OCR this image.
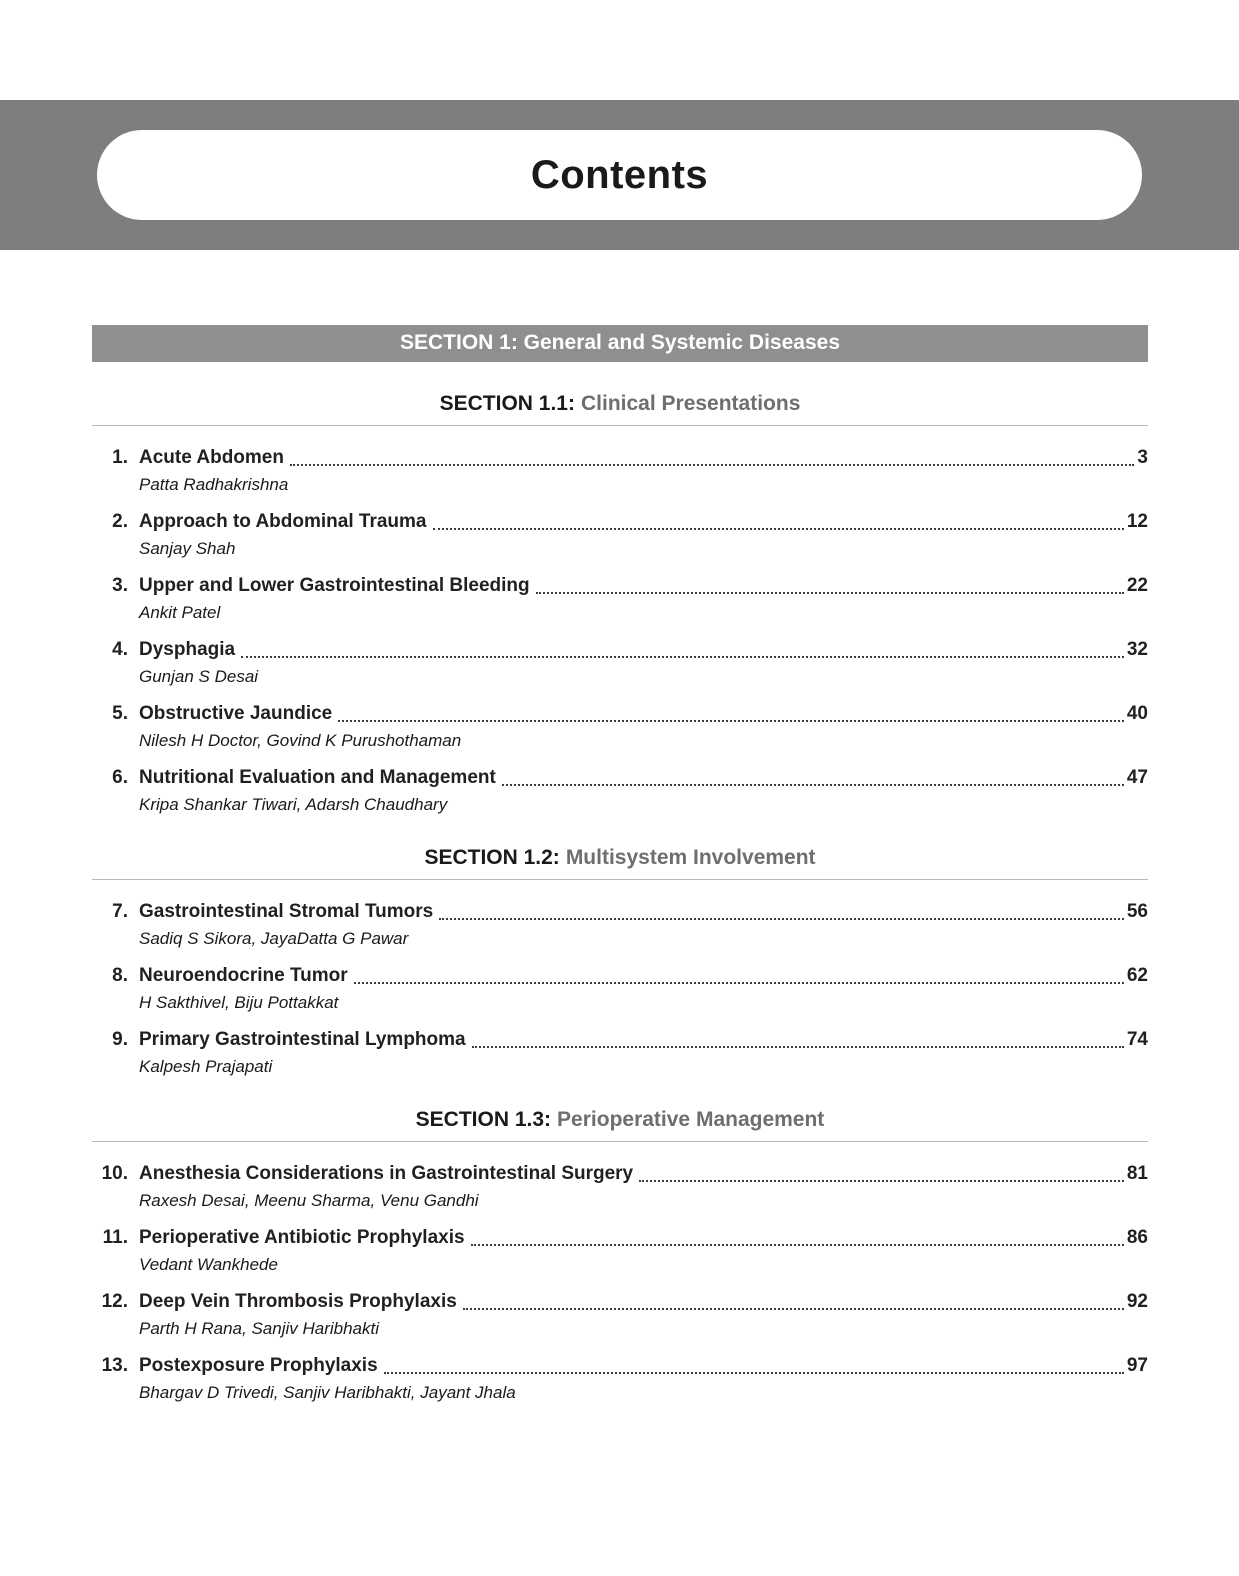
Contents
SECTION 1: General and Systemic Diseases
SECTION 1.1: Clinical Presentations
1. Acute Abdomen	3
Patta Radhakrishna
2. Approach to Abdominal Trauma	12
Sanjay Shah
3. Upper and Lower Gastrointestinal Bleeding	22
Ankit Patel
4. Dysphagia	32
Gunjan S Desai
5. Obstructive Jaundice	40
Nilesh H Doctor, Govind K Purushothaman
6. Nutritional Evaluation and Management	47
Kripa Shankar Tiwari, Adarsh Chaudhary
SECTION 1.2: Multisystem Involvement
7. Gastrointestinal Stromal Tumors	56
Sadiq S Sikora, JayaDatta G Pawar
8. Neuroendocrine Tumor	62
H Sakthivel, Biju Pottakkat
9. Primary Gastrointestinal Lymphoma	74
Kalpesh Prajapati
SECTION 1.3: Perioperative Management
10. Anesthesia Considerations in Gastrointestinal Surgery	81
Raxesh Desai, Meenu Sharma, Venu Gandhi
11. Perioperative Antibiotic Prophylaxis	86
Vedant Wankhede
12. Deep Vein Thrombosis Prophylaxis	92
Parth H Rana, Sanjiv Haribhakti
13. Postexposure Prophylaxis	97
Bhargav D Trivedi, Sanjiv Haribhakti, Jayant Jhala
